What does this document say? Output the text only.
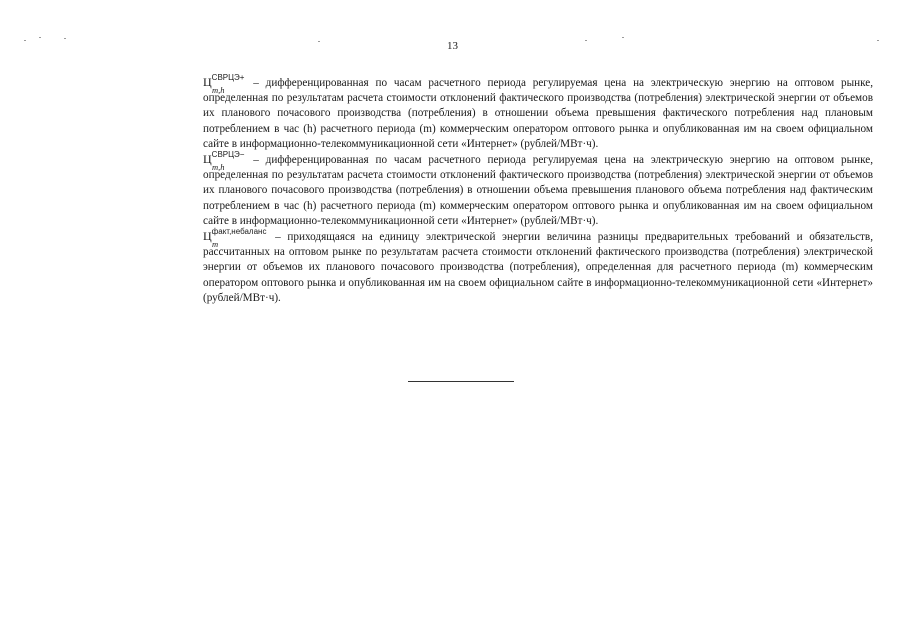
13

$Ц^{СВРЦЭ+}$
m,h
– дифференцированная по часам расчетного периода регулируемая цена на электрическую энергию на оптовом рынке, определенная по результатам расчета стоимости отклонений фактического производства (потребления) электрической энергии от объемов их планового почасового производства (потребления) в отношении объема превышения фактического потребления над плановым потреблением в час (h) расчетного периода (m) коммерческим оператором оптового рынка и опубликованная им на своем официальном сайте в информационно-телекоммуникационной сети «Интернет» (рублей/МВт·ч).

$Ц^{СВРЦЭ-}$
m,h
– дифференцированная по часам расчетного периода регулируемая цена на электрическую энергию на оптовом рынке, определенная по результатам расчета стоимости отклонений фактического производства (потребления) электрической энергии от объемов их планового почасового производства (потребления) в отношении объема превышения планового объема потребления над фактическим потреблением в час (h) расчетного периода (m) коммерческим оператором оптового рынка и опубликованная им на своем официальном сайте в информационно-телекоммуникационной сети «Интернет» (рублей/МВт·ч).

$Ц^{факт,небаланс}$
m
– приходящаяся на единицу электрической энергии величина разницы предварительных требований и обязательств, рассчитанных на оптовом рынке по результатам расчета стоимости отклонений фактического производства (потребления) электрической энергии от объемов их планового почасового производства (потребления), определенная для расчетного периода (m) коммерческим оператором оптового рынка и опубликованная им на своем официальном сайте в информационно-телекоммуникационной сети «Интернет» (рублей/МВт·ч).
